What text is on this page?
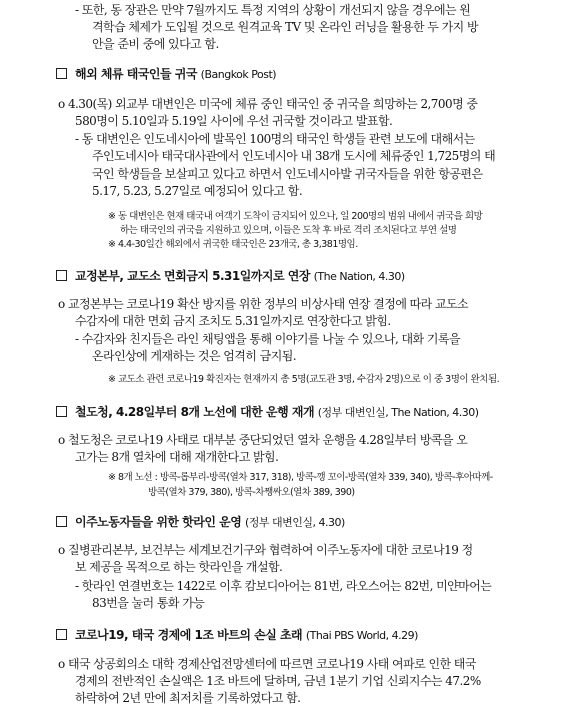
- 또한, 동 장관은 만약 7월까지도 특정 지역의 상황이 개선되지 않을 경우에는 원
격학습 체제가 도입될 것으로 원격교육 TV 및 온라인 러닝을 활용한 두 가지 방
안을 준비 중에 있다고 함.
해외 체류 태국인들 귀국 (Bangkok Post)
o 4.30(목) 외교부 대변인은 미국에 체류 중인 태국인 중 귀국을 희망하는 2,700명 중
580명이 5.10일과 5.19일 사이에 우선 귀국할 것이라고 발표함.
- 동 대변인은 인도네시아에 발목인 100명의 태국인 학생들 관련 보도에 대해서는
주인도네시아 태국대사관에서 인도네시아 내 38개 도시에 체류중인 1,725명의 태
국인 학생들을 보살피고 있다고 하면서 인도네시아발 귀국자들을 위한 항공편은
5.17, 5.23, 5.27일로 예정되어 있다고 함.
※ 동 대변인은 현재 태국내 여객기 도착이 금지되어 있으나, 일 200명의 범위 내에서 귀국을 희망
하는 태국인의 귀국을 지원하고 있으며, 이들은 도착 후 바로 격리 조치된다고 부연 설명
※ 4.4-30일간 해외에서 귀국한 태국인은 23개국, 총 3,381명임.
교정본부, 교도소 면회금지 5.31일까지로 연장 (The Nation, 4.30)
o 교정본부는 코로나19 확산 방지를 위한 정부의 비상사태 연장 결정에 따라 교도소
수감자에 대한 면회 금지 조치도 5.31일까지로 연장한다고 밝힘.
- 수감자와 친지들은 라인 채팅앱을 통해 이야기를 나눌 수 있으나, 대화 기록을
온라인상에 게재하는 것은 엄격히 금지됨.
※ 교도소 관련 코로나19 확진자는 현재까지 총 5명(교도관 3명, 수감자 2명)으로 이 중 3명이 완치됨.
철도청, 4.28일부터 8개 노선에 대한 운행 재개 (정부 대변인실, The Nation, 4.30)
o 철도청은 코로나19 사태로 대부분 중단되었던 열차 운행을 4.28일부터 방콕을 오
고가는 8개 열차에 대해 재개한다고 밝힘.
※ 8개 노선 : 방콕-롭부리-방콕(열차 317, 318), 방콕-깽 꼬이-방콕(열차 339, 340), 방콕-후아따께-
방콕(열차 379, 380), 방콕-차쨍싸오(열차 389, 390)
이주노동자들을 위한 핫라인 운영 (정부 대변인실, 4.30)
o 질병관리본부, 보건부는 세계보건기구와 협력하여 이주노동자에 대한 코로나19 정
보 제공을 목적으로 하는 핫라인을 개설함.
- 핫라인 연결번호는 1422로 이후 캄보디아어는 81번, 라오스어는 82번, 미얀마어는
83번을 눌러 통화 가능
코로나19, 태국 경제에 1조 바트의 손실 초래 (Thai PBS World, 4.29)
o 태국 상공회의소 대학 경제산업전망센터에 따르면 코로나19 사태 여파로 인한 태국
경제의 전반적인 손실액은 1조 바트에 달하며, 금년 1분기 기업 신뢰지수는 47.2%
하락하여 2년 만에 최저치를 기록하였다고 함.
